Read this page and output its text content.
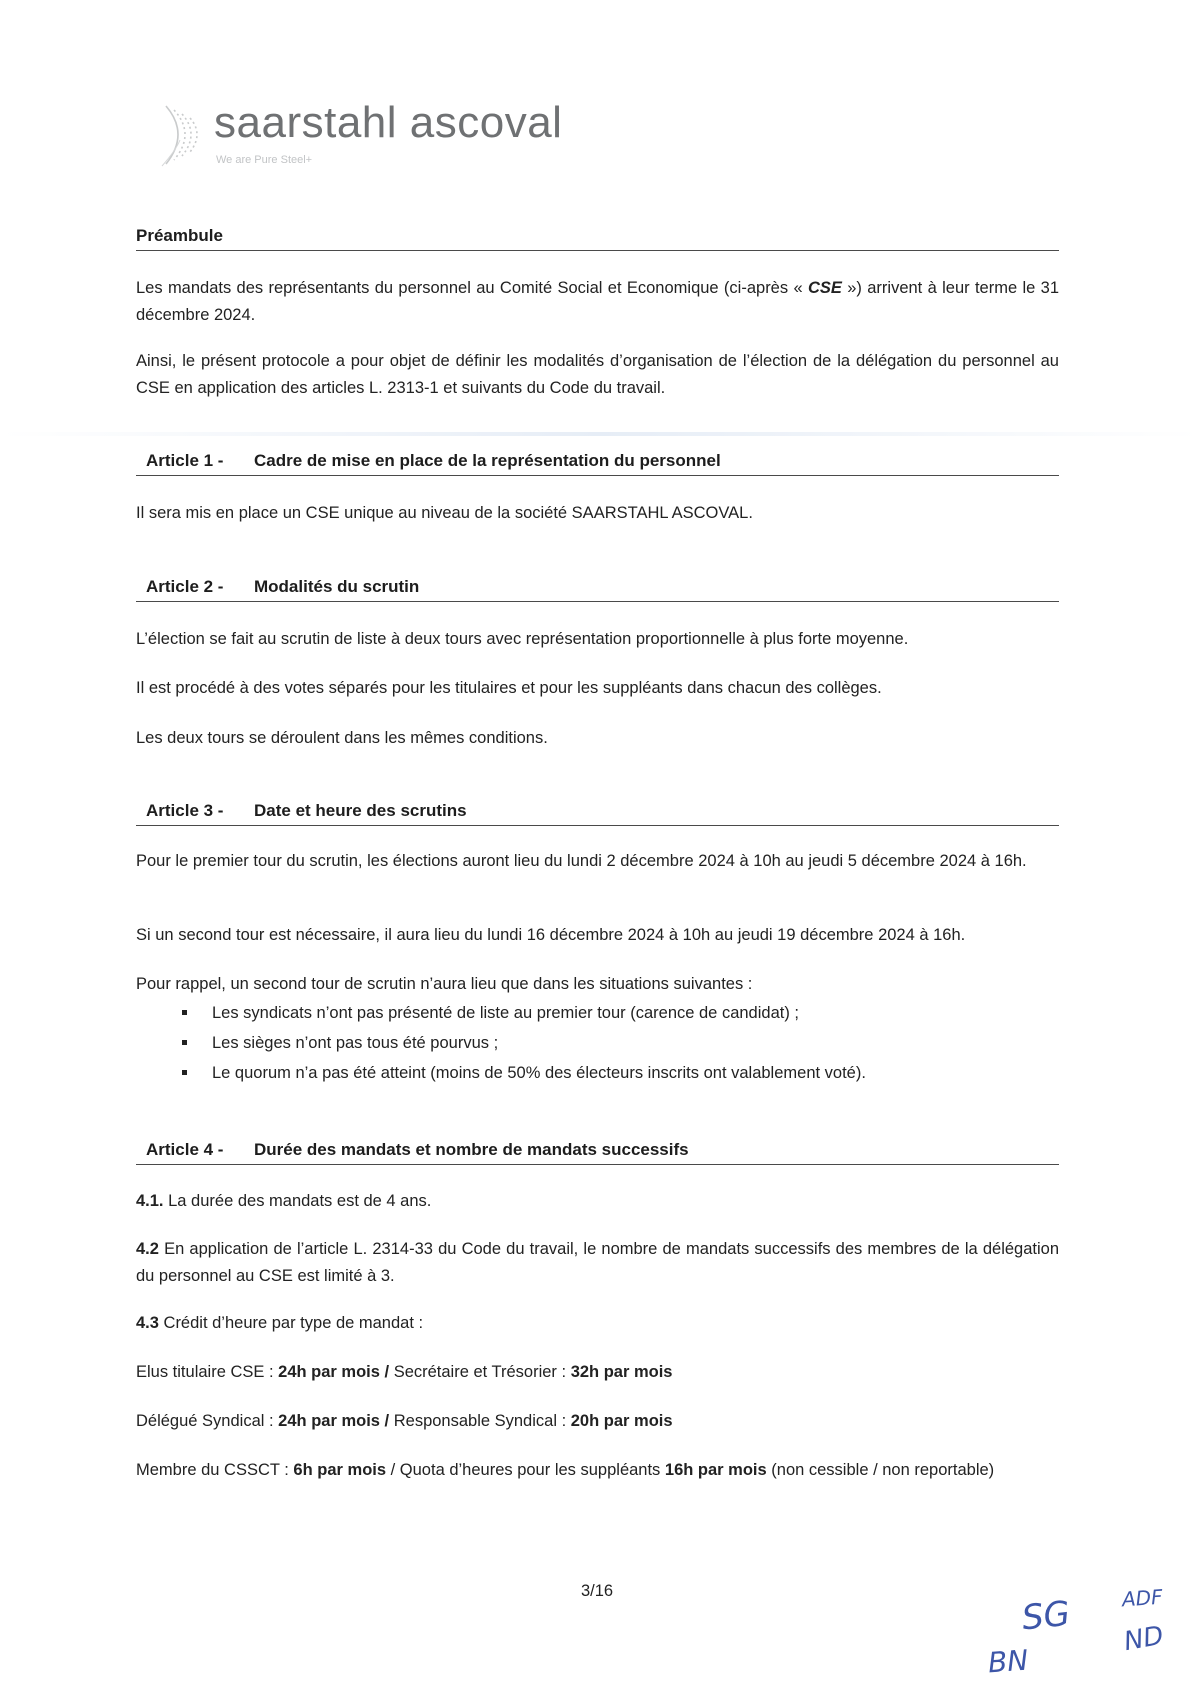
saarstahl ascoval
We are Pure Steel+
Préambule

Les mandats des représentants du personnel au Comité Social et Economique (ci-après « CSE ») arrivent à leur terme le 31 décembre 2024.

Ainsi, le présent protocole a pour objet de définir les modalités d’organisation de l’élection de la délégation du personnel au CSE en application des articles L. 2313-1 et suivants du Code du travail.

Article 1 - Cadre de mise en place de la représentation du personnel

Il sera mis en place un CSE unique au niveau de la société SAARSTAHL ASCOVAL.

Article 2 - Modalités du scrutin

L’élection se fait au scrutin de liste à deux tours avec représentation proportionnelle à plus forte moyenne.

Il est procédé à des votes séparés pour les titulaires et pour les suppléants dans chacun des collèges.

Les deux tours se déroulent dans les mêmes conditions.

Article 3 - Date et heure des scrutins

Pour le premier tour du scrutin, les élections auront lieu du lundi 2 décembre 2024 à 10h au jeudi 5 décembre 2024 à 16h.

Si un second tour est nécessaire, il aura lieu du lundi 16 décembre 2024 à 10h au jeudi 19 décembre 2024 à 16h.

Pour rappel, un second tour de scrutin n’aura lieu que dans les situations suivantes :

Les syndicats n’ont pas présenté de liste au premier tour (carence de candidat) ;
Les sièges n’ont pas tous été pourvus ;
Le quorum n’a pas été atteint (moins de 50% des électeurs inscrits ont valablement voté).
Article 4 - Durée des mandats et nombre de mandats successifs

4.1. La durée des mandats est de 4 ans.

4.2 En application de l’article L. 2314-33 du Code du travail, le nombre de mandats successifs des membres de la délégation du personnel au CSE est limité à 3.

4.3 Crédit d’heure par type de mandat :

Elus titulaire CSE : 24h par mois / Secrétaire et Trésorier : 32h par mois

Délégué Syndical : 24h par mois / Responsable Syndical : 20h par mois

Membre du CSSCT : 6h par mois / Quota d’heures pour les suppléants 16h par mois (non cessible / non reportable)

3/16
SG ADF
BN
ND
